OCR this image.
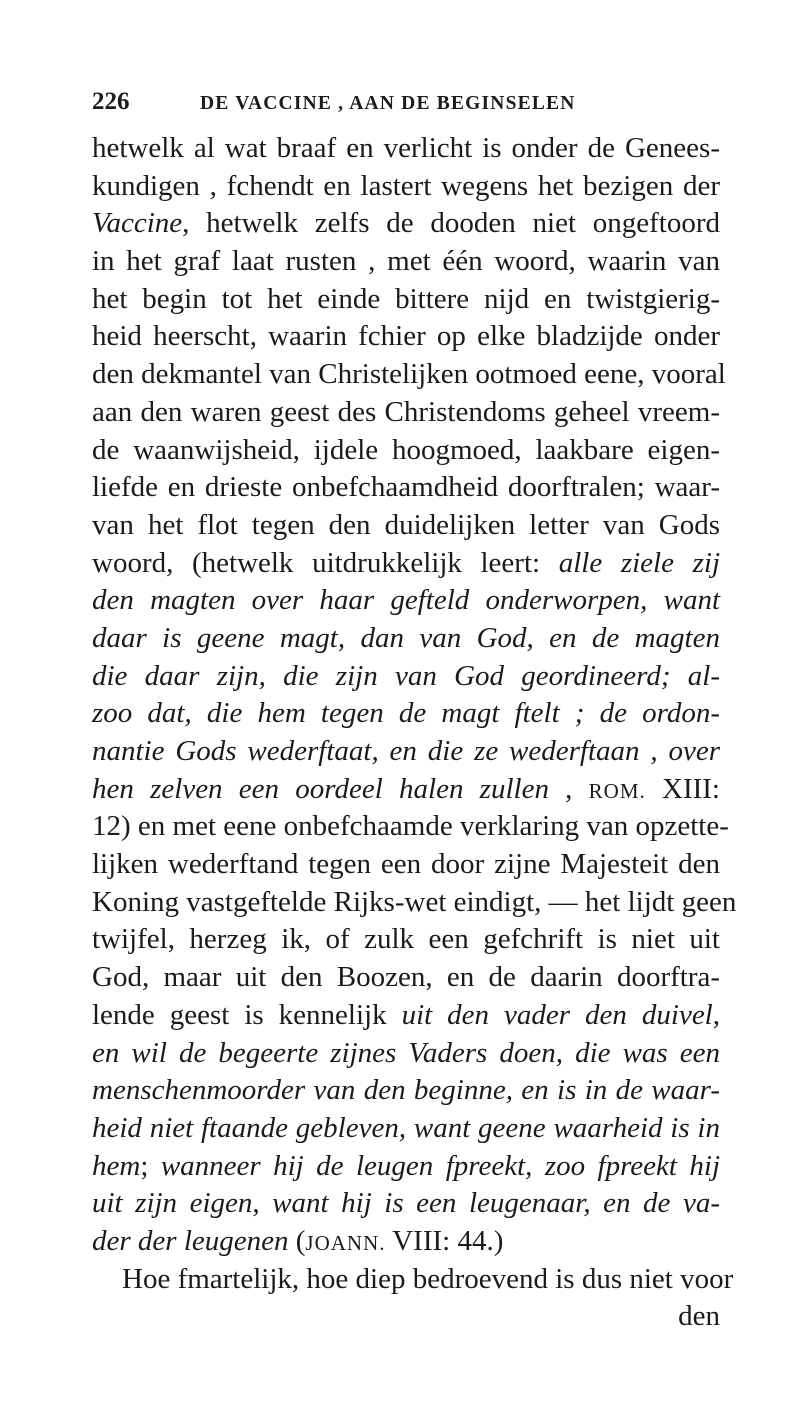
226	DE VACCINE , AAN DE BEGINSELEN
hetwelk al wat braaf en verlicht is onder de Genees-
kundigen , fchendt en lastert wegens het bezigen der
Vaccine, hetwelk zelfs de dooden niet ongeftoord
in het graf laat rusten , met één woord, waarin van
het begin tot het einde bittere nijd en twistgierig-
heid heerscht, waarin fchier op elke bladzijde onder
den dekmantel van Christelijken ootmoed eene, vooral
aan den waren geest des Christendoms geheel vreem-
de waanwijsheid, ijdele hoogmoed, laakbare eigen-
liefde en drieste onbefchaamdheid doorftralen; waar-
van het flot tegen den duidelijken letter van Gods
woord, (hetwelk uitdrukkelijk leert: alle ziele zij
den magten over haar gefteld onderworpen, want
daar is geene magt, dan van God, en de magten
die daar zijn, die zijn van God geordineerd; al-
zoo dat, die hem tegen de magt ftelt ; de ordon-
nantie Gods wederftaat, en die ze wederftaan , over
hen zelven een oordeel halen zullen , ROM. XIII:
12) en met eene onbefchaamde verklaring van opzette-
lijken wederftand tegen een door zijne Majesteit den
Koning vastgeftelde Rijks-wet eindigt, — het lijdt geen
twijfel, herzeg ik, of zulk een gefchrift is niet uit
God, maar uit den Boozen, en de daarin doorftra-
lende geest is kennelijk uit den vader den duivel,
en wil de begeerte zijnes Vaders doen, die was een
menschenmoorder van den beginne, en is in de waar-
heid niet ftaande gebleven, want geene waarheid is in
hem; wanneer hij de leugen fpreekt, zoo fpreekt hij
uit zijn eigen, want hij is een leugenaar, en de va-
der der leugenen (JOANN. VIII: 44.)
Hoe fmartelijk, hoe diep bedroevend is dus niet voor
den
